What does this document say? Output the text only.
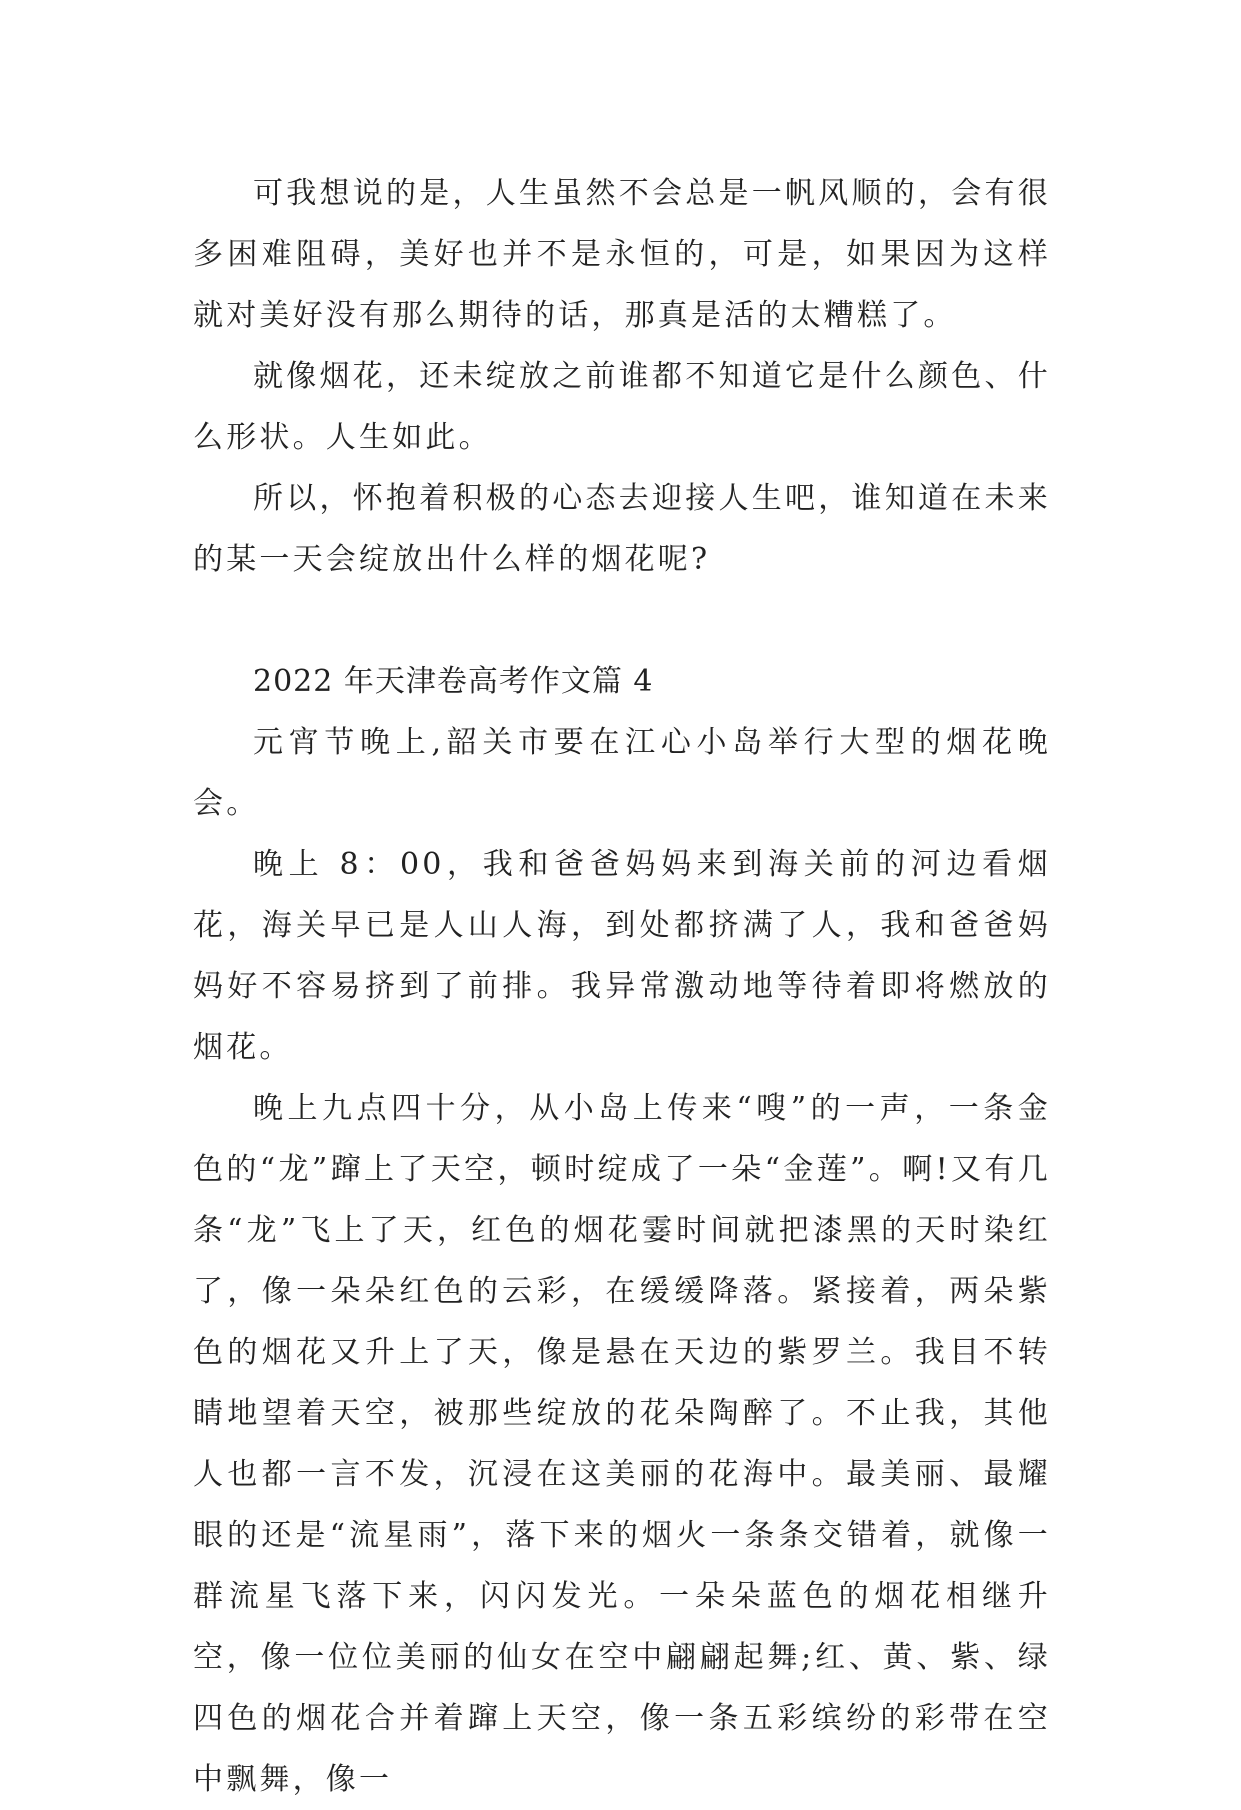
可我想说的是，人生虽然不会总是一帆风顺的，会有很多困难阻碍，美好也并不是永恒的，可是，如果因为这样就对美好没有那么期待的话，那真是活的太糟糕了。

就像烟花，还未绽放之前谁都不知道它是什么颜色、什么形状。人生如此。

所以，怀抱着积极的心态去迎接人生吧，谁知道在未来的某一天会绽放出什么样的烟花呢?

2022 年天津卷高考作文篇 4

元宵节晚上,韶关市要在江心小岛举行大型的烟花晚会。

晚上 8：00，我和爸爸妈妈来到海关前的河边看烟花，海关早已是人山人海，到处都挤满了人，我和爸爸妈妈好不容易挤到了前排。我异常激动地等待着即将燃放的烟花。

晚上九点四十分，从小岛上传来“嗖”的一声，一条金色的“龙”蹿上了天空，顿时绽成了一朵“金莲”。啊!又有几条“龙”飞上了天，红色的烟花霎时间就把漆黑的天时染红了，像一朵朵红色的云彩，在缓缓降落。紧接着，两朵紫色的烟花又升上了天，像是悬在天边的紫罗兰。我目不转睛地望着天空，被那些绽放的花朵陶醉了。不止我，其他人也都一言不发，沉浸在这美丽的花海中。最美丽、最耀眼的还是“流星雨”，落下来的烟火一条条交错着，就像一群流星飞落下来，闪闪发光。一朵朵蓝色的烟花相继升空，像一位位美丽的仙女在空中翩翩起舞;红、黄、紫、绿四色的烟花合并着蹿上天空，像一条五彩缤纷的彩带在空中飘舞，像一
